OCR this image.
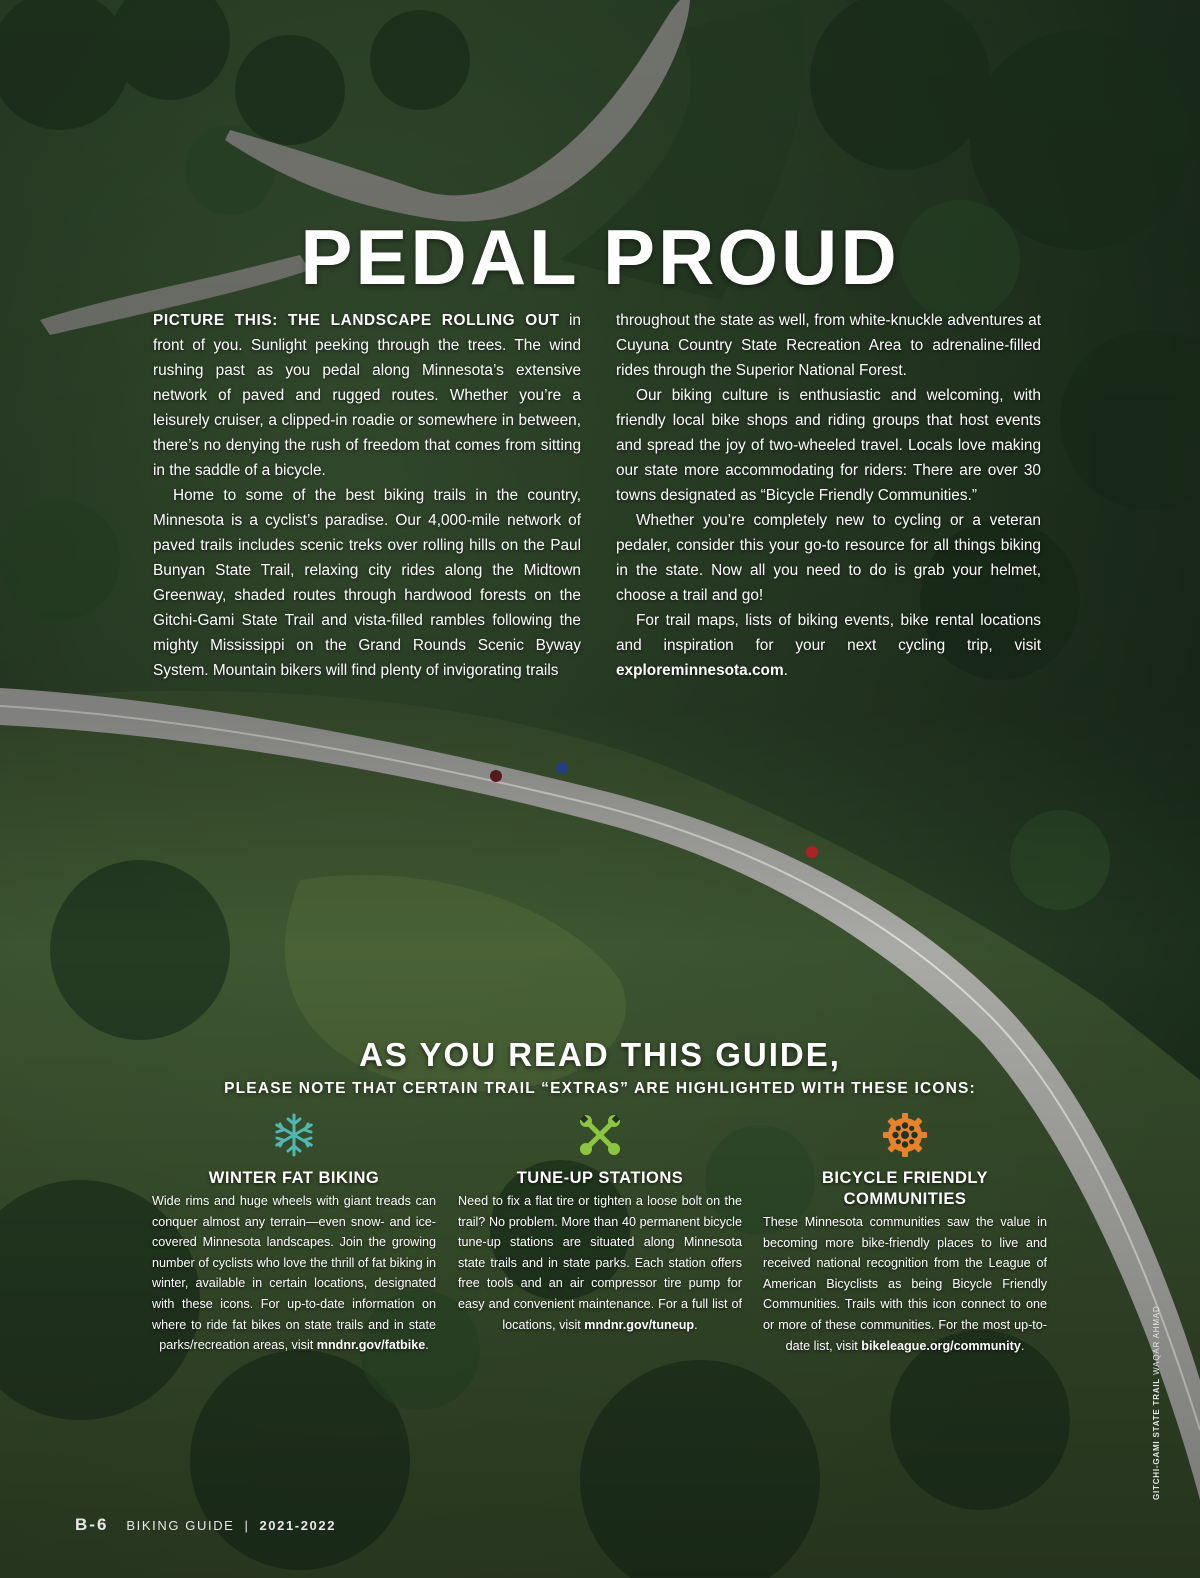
PEDAL PROUD

PICTURE THIS: THE LANDSCAPE ROLLING OUT in front of you. Sunlight peeking through the trees. The wind rushing past as you pedal along Minnesota’s extensive network of paved and rugged routes. Whether you’re a leisurely cruiser, a clipped-in roadie or somewhere in between, there’s no denying the rush of freedom that comes from sitting in the saddle of a bicycle.

Home to some of the best biking trails in the country, Minnesota is a cyclist’s paradise. Our 4,000-mile network of paved trails includes scenic treks over rolling hills on the Paul Bunyan State Trail, relaxing city rides along the Midtown Greenway, shaded routes through hardwood forests on the Gitchi-Gami State Trail and vista-filled rambles following the mighty Mississippi on the Grand Rounds Scenic Byway System. Mountain bikers will find plenty of invigorating trails

throughout the state as well, from white-knuckle adventures at Cuyuna Country State Recreation Area to adrenaline-filled rides through the Superior National Forest.

Our biking culture is enthusiastic and welcoming, with friendly local bike shops and riding groups that host events and spread the joy of two-wheeled travel. Locals love making our state more accommodating for riders: There are over 30 towns designated as “Bicycle Friendly Communities.”

Whether you’re completely new to cycling or a veteran pedaler, consider this your go-to resource for all things biking in the state. Now all you need to do is grab your helmet, choose a trail and go!

For trail maps, lists of biking events, bike rental locations and inspiration for your next cycling trip, visit exploreminnesota.com.

AS YOU READ THIS GUIDE,
PLEASE NOTE THAT CERTAIN TRAIL “EXTRAS” ARE HIGHLIGHTED WITH THESE ICONS:
WINTER FAT BIKING

Wide rims and huge wheels with giant treads can conquer almost any terrain—even snow- and ice-covered Minnesota landscapes. Join the growing number of cyclists who love the thrill of fat biking in winter, available in certain locations, designated with these icons. For up-to-date information on where to ride fat bikes on state trails and in state parks/recreation areas, visit mndnr.gov/fatbike.

TUNE-UP STATIONS

Need to fix a flat tire or tighten a loose bolt on the trail? No problem. More than 40 permanent bicycle tune-up stations are situated along Minnesota state trails and in state parks. Each station offers free tools and an air compressor tire pump for easy and convenient maintenance. For a full list of locations, visit mndnr.gov/tuneup.

BICYCLE FRIENDLY COMMUNITIES

These Minnesota communities saw the value in becoming more bike-friendly places to live and received national recognition from the League of American Bicyclists as being Bicycle Friendly Communities. Trails with this icon connect to one or more of these communities. For the most up-to-date list, visit bikeleague.org/community.

GITCHI-GAMI STATE TRAIL WAQAR AHMAD
B-6 BIKING GUIDE | 2021-2022
